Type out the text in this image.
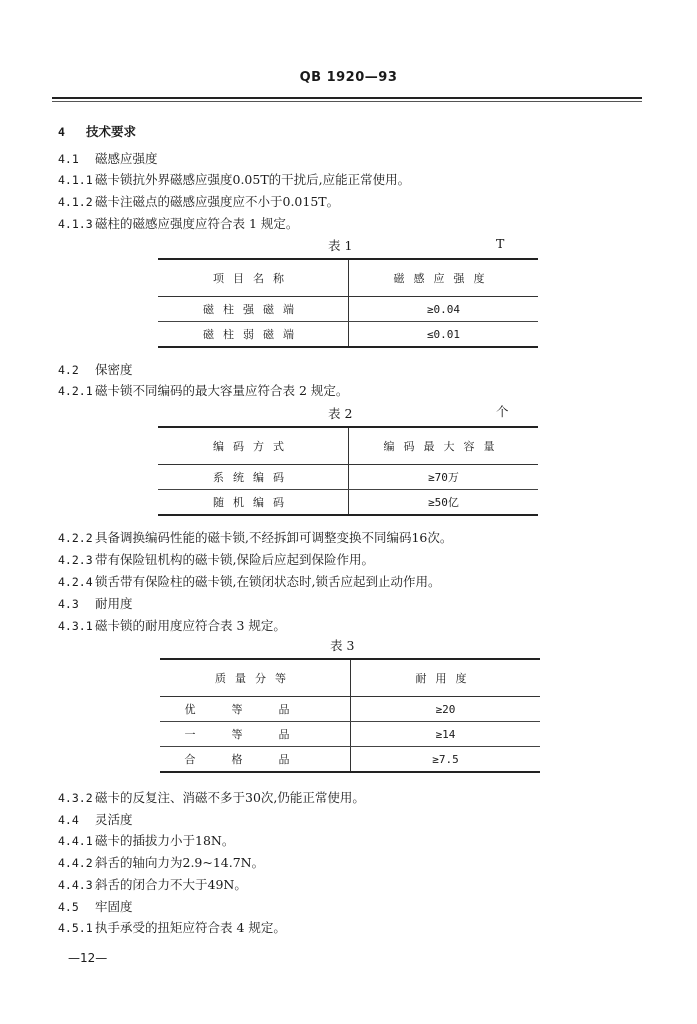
QB 1920—93
4 技术要求
4.1 磁感应强度
4.1.1 磁卡锁抗外界磁感应强度0.05T的干扰后,应能正常使用。
4.1.2 磁卡注磁点的磁感应强度应不小于0.015T。
4.1.3 磁柱的磁感应强度应符合表 1 规定。
表 1	T
项目名称	磁感应强度
磁柱强磁端	≥0.04
磁柱弱磁端	≤0.01
4.2 保密度
4.2.1 磁卡锁不同编码的最大容量应符合表 2 规定。
表 2	个
编码方式	编码最大容量
系统编码	≥70万
随机编码	≥50亿
4.2.2 具备调换编码性能的磁卡锁,不经拆卸可调整变换不同编码16次。
4.2.3 带有保险钮机构的磁卡锁,保险后应起到保险作用。
4.2.4 锁舌带有保险柱的磁卡锁,在锁闭状态时,锁舌应起到止动作用。
4.3 耐用度
4.3.1 磁卡锁的耐用度应符合表 3 规定。
表 3
质量分等	耐用度
优等品	≥20
一等品	≥14
合格品	≥7.5
4.3.2 磁卡的反复注、消磁不多于30次,仍能正常使用。
4.4 灵活度
4.4.1 磁卡的插拔力小于18N。
4.4.2 斜舌的轴向力为2.9~14.7N。
4.4.3 斜舌的闭合力不大于49N。
4.5 牢固度
4.5.1 执手承受的扭矩应符合表 4 规定。
—12—
